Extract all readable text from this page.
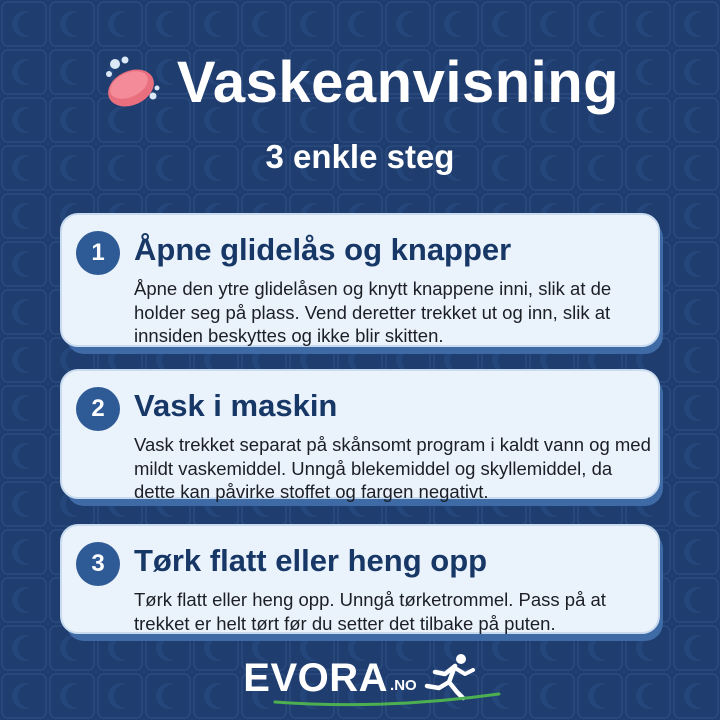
Vaskeanvisning
3 enkle steg
1 Åpne glidelås og knapper
Åpne den ytre glidelåsen og knytt knappene inni, slik at de holder seg på plass. Vend deretter trekket ut og inn, slik at innsiden beskyttes og ikke blir skitten.
2 Vask i maskin
Vask trekket separat på skånsomt program i kaldt vann og med mildt vaskemiddel. Unngå blekemiddel og skyllemiddel, da dette kan påvirke stoffet og fargen negativt.
3 Tørk flatt eller heng opp
Tørk flatt eller heng opp. Unngå tørketrommel. Pass på at trekket er helt tørt før du setter det tilbake på puten.
EVORA .NO
